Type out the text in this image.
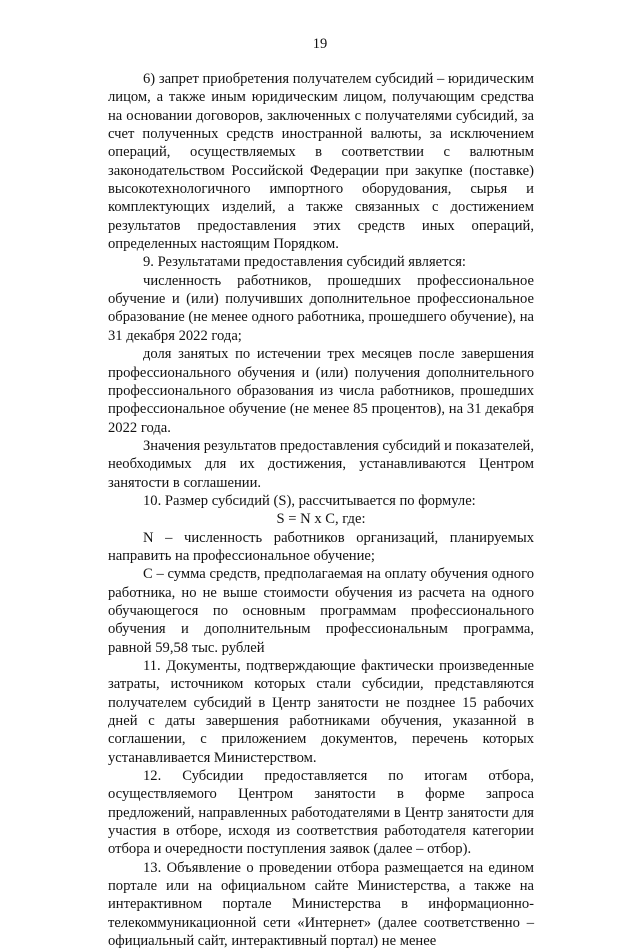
19

6) запрет приобретения получателем субсидий – юридическим лицом, а также иным юридическим лицом, получающим средства на основании договоров, заключенных с получателями субсидий, за счет полученных средств иностранной валюты, за исключением операций, осуществляемых в соответствии с валютным законодательством Российской Федерации при закупке (поставке) высокотехнологичного импортного оборудования, сырья и комплектующих изделий, а также связанных с достижением результатов предоставления этих средств иных операций, определенных настоящим Порядком.

9. Результатами предоставления субсидий является:

численность работников, прошедших профессиональное обучение и (или) получивших дополнительное профессиональное образование (не менее одного работника, прошедшего обучение), на 31 декабря 2022 года;

доля занятых по истечении трех месяцев после завершения профессионального обучения и (или) получения дополнительного профессионального образования из числа работников, прошедших профессиональное обучение (не менее 85 процентов), на 31 декабря 2022 года.

Значения результатов предоставления субсидий и показателей, необходимых для их достижения, устанавливаются Центром занятости в соглашении.

10. Размер субсидий (S), рассчитывается по формуле:

S = N x C, где:

N – численность работников организаций, планируемых направить на профессиональное обучение;

C – сумма средств, предполагаемая на оплату обучения одного работника, но не выше стоимости обучения из расчета на одного обучающегося по основным программам профессионального обучения и дополнительным профессиональным программа, равной 59,58 тыс. рублей

11. Документы, подтверждающие фактически произведенные затраты, источником которых стали субсидии, представляются получателем субсидий в Центр занятости не позднее 15 рабочих дней с даты завершения работниками обучения, указанной в соглашении, с приложением документов, перечень которых устанавливается Министерством.

12. Субсидии предоставляется по итогам отбора, осуществляемого Центром занятости в форме запроса предложений, направленных работодателями в Центр занятости для участия в отборе, исходя из соответствия работодателя категории отбора и очередности поступления заявок (далее – отбор).

13. Объявление о проведении отбора размещается на едином портале или на официальном сайте Министерства, а также на интерактивном портале Министерства в информационно-телекоммуникационной сети «Интернет» (далее соответственно – официальный сайт, интерактивный портал) не менее
